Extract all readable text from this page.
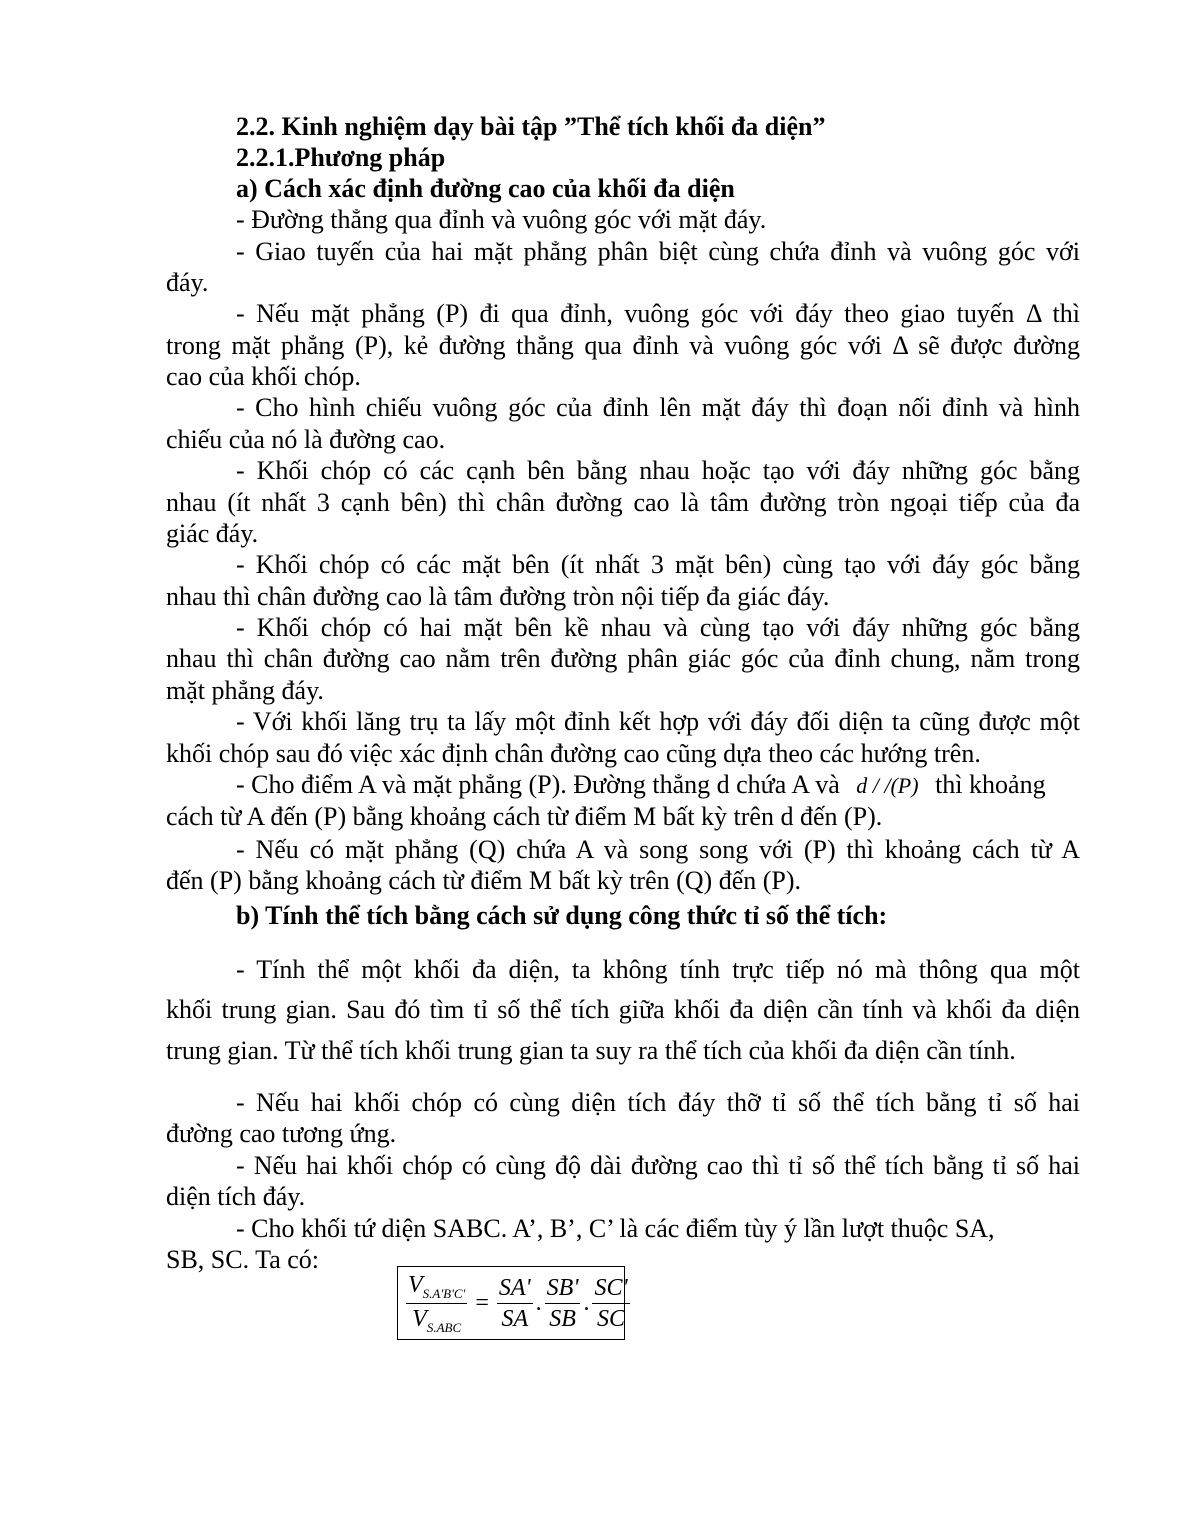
2.2. Kinh nghiệm dạy bài tập ”Thể tích khối đa diện”
2.2.1.Phương pháp
a) Cách xác định đường cao của khối đa diện
- Đường thẳng qua đỉnh và vuông góc với mặt đáy.
- Giao tuyến của hai mặt phẳng phân biệt cùng chứa đỉnh và vuông góc với
đáy.
- Nếu mặt phẳng (P) đi qua đỉnh, vuông góc với đáy theo giao tuyến Δ thì
trong mặt phẳng (P), kẻ đường thẳng qua đỉnh và vuông góc với Δ sẽ được đường
cao của khối chóp.
- Cho hình chiếu vuông góc của đỉnh lên mặt đáy thì đoạn nối đỉnh và hình
chiếu của nó là đường cao.
- Khối chóp có các cạnh bên bằng nhau hoặc tạo với đáy những góc bằng
nhau (ít nhất 3 cạnh bên) thì chân đường cao là tâm đường tròn ngoại tiếp của đa
giác đáy.
- Khối chóp có các mặt bên (ít nhất 3 mặt bên) cùng tạo với đáy góc bằng
nhau thì chân đường cao là tâm đường tròn nội tiếp đa giác đáy.
- Khối chóp có hai mặt bên kề nhau và cùng tạo với đáy những góc bằng
nhau thì chân đường cao nằm trên đường phân giác góc của đỉnh chung, nằm trong
mặt phẳng đáy.
- Với khối lăng trụ ta lấy một đỉnh kết hợp với đáy đối diện ta cũng được một
khối chóp sau đó việc xác định chân đường cao cũng dựa theo các hướng trên.
- Cho điểm A và mặt phẳng (P). Đường thẳng d chứa A và d / /(P) thì khoảng
cách từ A đến (P) bằng khoảng cách từ điểm M bất kỳ trên d đến (P).
- Nếu có mặt phẳng (Q) chứa A và song song với (P) thì khoảng cách từ A
đến (P) bằng khoảng cách từ điểm M bất kỳ trên (Q) đến (P).
b) Tính thể tích bằng cách sử dụng công thức tỉ số thể tích:
- Tính thể một khối đa diện, ta không tính trực tiếp nó mà thông qua một
khối trung gian. Sau đó tìm tỉ số thể tích giữa khối đa diện cần tính và khối đa diện
trung gian. Từ thể tích khối trung gian ta suy ra thể tích của khối đa diện cần tính.
- Nếu hai khối chóp có cùng diện tích đáy thỡ tỉ số thể tích bằng tỉ số hai
đường cao tương ứng.
- Nếu hai khối chóp có cùng độ dài đường cao thì tỉ số thể tích bằng tỉ số hai
diện tích đáy.
- Cho khối tứ diện SABC. A’, B’, C’ là các điểm tùy ý lần lượt thuộc SA,
SB, SC. Ta có:
$\frac{V_{S.A'B'C'}}{V_{S.ABC}} = \frac{SA'}{SA}$ . $\frac{SB'}{SB}$ . $\frac{SC'}{SC}$
